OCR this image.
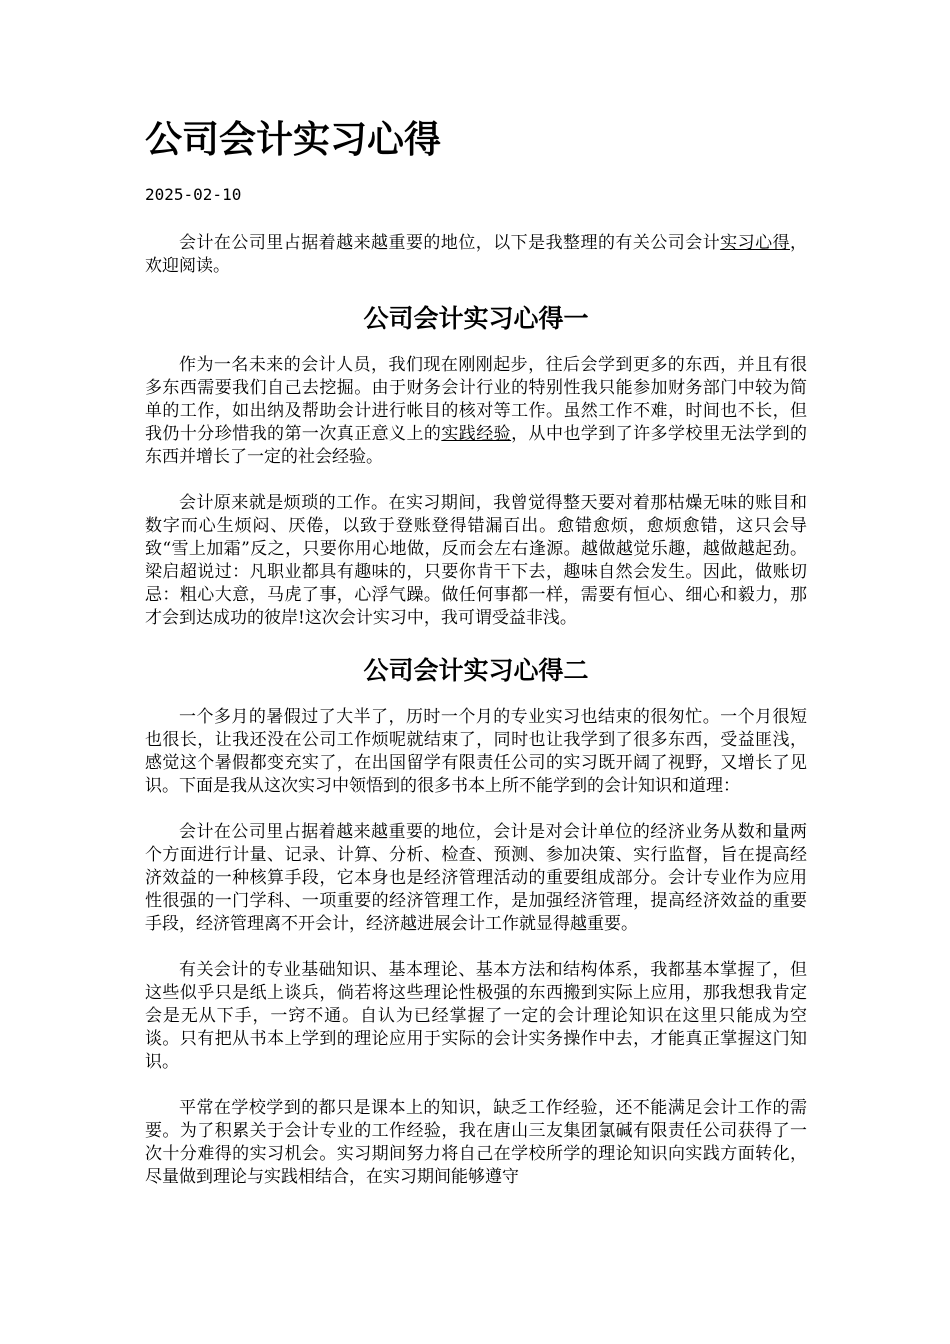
公司会计实习心得
2025-02-10

会计在公司里占据着越来越重要的地位，以下是我整理的有关公司会计实习心得，欢迎阅读。

公司会计实习心得一

作为一名未来的会计人员，我们现在刚刚起步，往后会学到更多的东西，并且有很多东西需要我们自己去挖掘。由于财务会计行业的特别性我只能参加财务部门中较为简单的工作，如出纳及帮助会计进行帐目的核对等工作。虽然工作不难，时间也不长，但我仍十分珍惜我的第一次真正意义上的实践经验，从中也学到了许多学校里无法学到的东西并增长了一定的社会经验。

会计原来就是烦琐的工作。在实习期间，我曾觉得整天要对着那枯燥无味的账目和数字而心生烦闷、厌倦，以致于登账登得错漏百出。愈错愈烦，愈烦愈错，这只会导致“雪上加霜”反之，只要你用心地做，反而会左右逢源。越做越觉乐趣，越做越起劲。梁启超说过：凡职业都具有趣味的，只要你肯干下去，趣味自然会发生。因此，做账切忌：粗心大意，马虎了事，心浮气躁。做任何事都一样，需要有恒心、细心和毅力，那才会到达成功的彼岸!这次会计实习中，我可谓受益非浅。

公司会计实习心得二

一个多月的暑假过了大半了，历时一个月的专业实习也结束的很匆忙。一个月很短也很长，让我还没在公司工作烦呢就结束了，同时也让我学到了很多东西，受益匪浅，感觉这个暑假都变充实了，在出国留学有限责任公司的实习既开阔了视野，又增长了见识。下面是我从这次实习中领悟到的很多书本上所不能学到的会计知识和道理：

会计在公司里占据着越来越重要的地位，会计是对会计单位的经济业务从数和量两个方面进行计量、记录、计算、分析、检查、预测、参加决策、实行监督，旨在提高经济效益的一种核算手段，它本身也是经济管理活动的重要组成部分。会计专业作为应用性很强的一门学科、一项重要的经济管理工作，是加强经济管理，提高经济效益的重要手段，经济管理离不开会计，经济越进展会计工作就显得越重要。

有关会计的专业基础知识、基本理论、基本方法和结构体系，我都基本掌握了，但这些似乎只是纸上谈兵，倘若将这些理论性极强的东西搬到实际上应用，那我想我肯定会是无从下手，一窍不通。自认为已经掌握了一定的会计理论知识在这里只能成为空谈。只有把从书本上学到的理论应用于实际的会计实务操作中去，才能真正掌握这门知识。

平常在学校学到的都只是课本上的知识，缺乏工作经验，还不能满足会计工作的需要。为了积累关于会计专业的工作经验，我在唐山三友集团氯碱有限责任公司获得了一次十分难得的实习机会。实习期间努力将自己在学校所学的理论知识向实践方面转化，尽量做到理论与实践相结合，在实习期间能够遵守
